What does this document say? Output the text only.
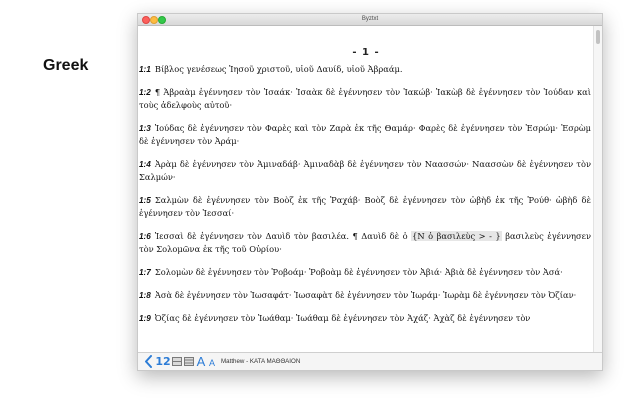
Greek
Byztxt
- 1 -
1:1 Βίβλος γενέσεως Ἰησοῦ χριστοῦ, υἱοῦ Δαυίδ, υἱοῦ Ἀβραάμ.
1:2 ¶ Ἀβραὰμ ἐγέννησεν τὸν Ἰσαάκ· Ἰσαὰκ δὲ ἐγέννησεν τὸν Ἰακώβ· Ἰακὼβ δὲ ἐγέννησεν τὸν Ἰούδαν καὶ τοὺς ἀδελφοὺς αὐτοῦ·
1:3 Ἰούδας δὲ ἐγέννησεν τὸν Φαρὲς καὶ τὸν Ζαρὰ ἐκ τῆς Θαμάρ· Φαρὲς δὲ ἐγέννησεν τὸν Ἐσρώμ· Ἐσρὼμ δὲ ἐγέννησεν τὸν Ἀράμ·
1:4 Ἀρὰμ δὲ ἐγέννησεν τὸν Ἀμιναδάβ· Ἀμιναδὰβ δὲ ἐγέννησεν τὸν Ναασσών· Ναασσὼν δὲ ἐγέννησεν τὸν Σαλμών·
1:5 Σαλμὼν δὲ ἐγέννησεν τὸν Βοὸζ ἐκ τῆς Ῥαχάβ· Βοὸζ δὲ ἐγέννησεν τὸν ὠβὴδ ἐκ τῆς Ῥούθ· ὠβὴδ δὲ ἐγέννησεν τὸν Ἰεσσαί·
1:6 Ἰεσσαὶ δὲ ἐγέννησεν τὸν Δαυὶδ τὸν βασιλέα. ¶ Δαυὶδ δὲ ὁ {N ὁ βασιλεὺς > - } βασιλεὺς ἐγέννησεν τὸν Σολομῶνα ἐκ τῆς τοῦ Οὐρίου·
1:7 Σολομὼν δὲ ἐγέννησεν τὸν Ῥοβοάμ· Ῥοβοὰμ δὲ ἐγέννησεν τὸν Ἀβιά· Ἀβιὰ δὲ ἐγέννησεν τὸν Ἀσά·
1:8 Ἀσὰ δὲ ἐγέννησεν τὸν Ἰωσαφάτ· Ἰωσαφὰτ δὲ ἐγέννησεν τὸν Ἰωράμ· Ἰωρὰμ δὲ ἐγέννησεν τὸν Ὀζίαν·
1:9 Ὀζίας δὲ ἐγέννησεν τὸν Ἰωάθαμ· Ἰωάθαμ δὲ ἐγέννησεν τὸν Ἀχάζ· Ἀχὰζ δὲ ἐγέννησεν τὸν
12 A A Matthew - ΚΑΤΑ ΜΑΘΘΑΙΟΝ
